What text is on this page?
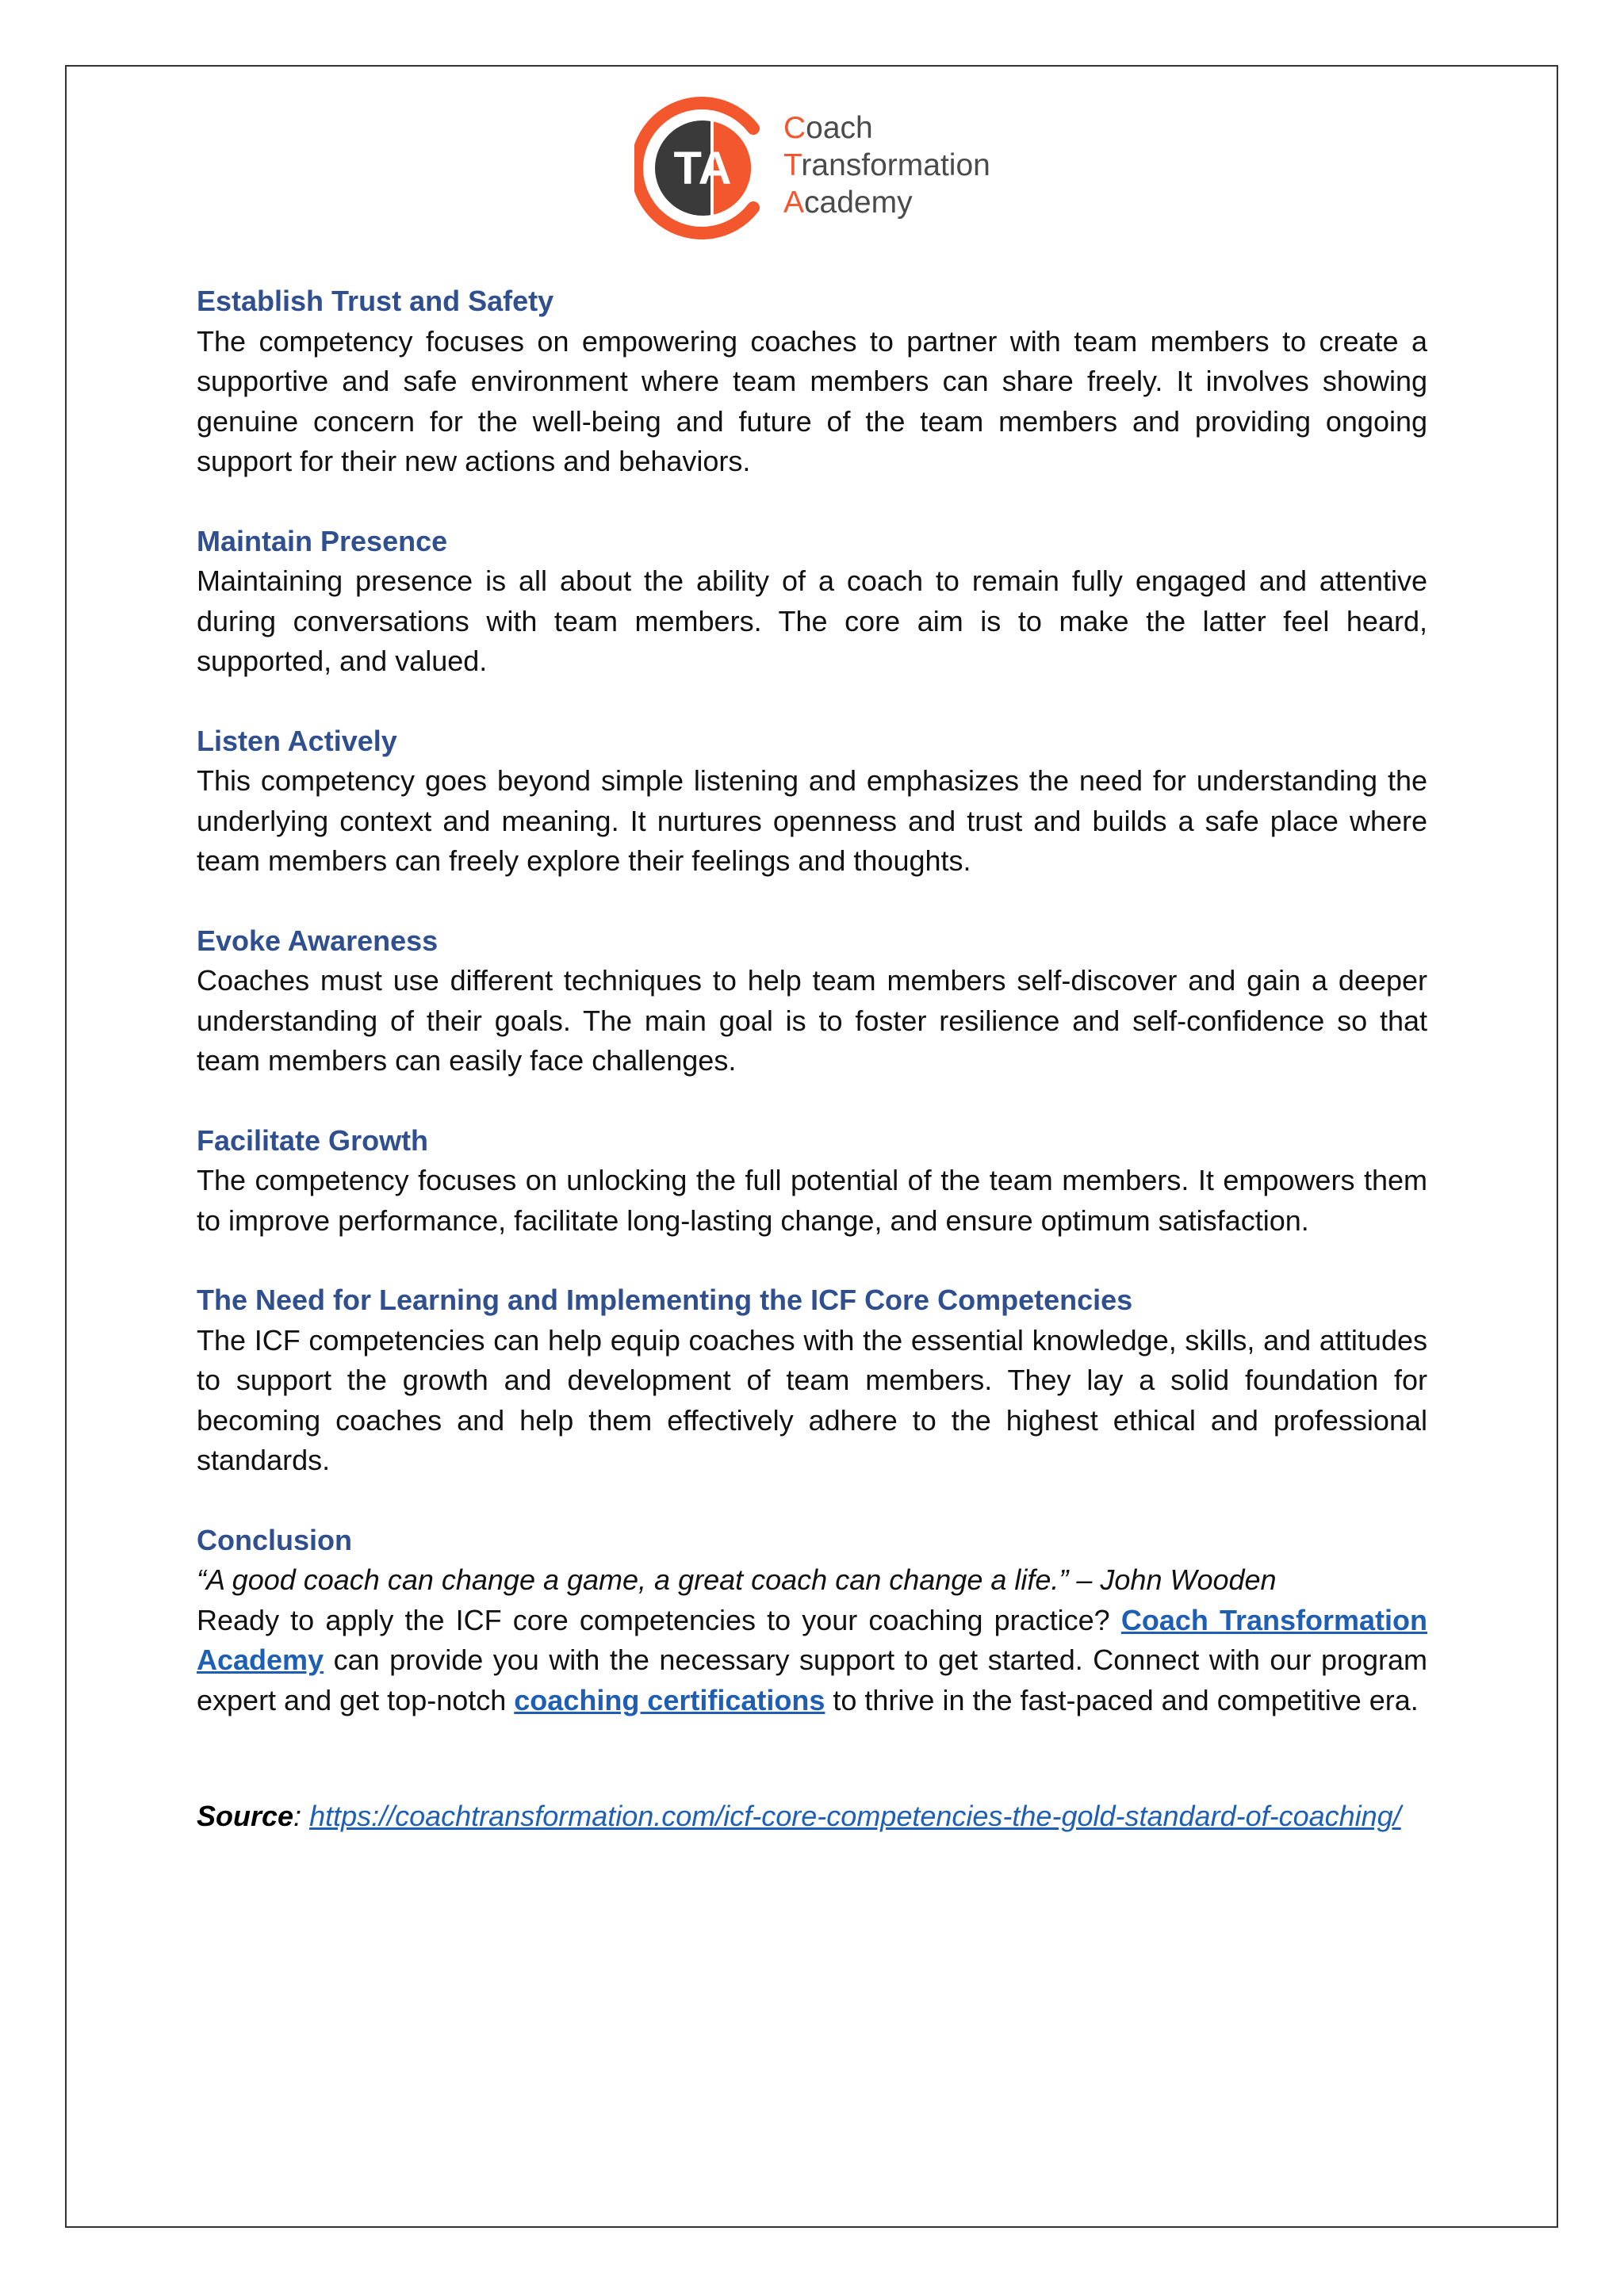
TA
Coach
Transformation
Academy
Establish Trust and Safety

The competency focuses on empowering coaches to partner with team members to create a supportive and safe environment where team members can share freely. It involves showing genuine concern for the well-being and future of the team members and providing ongoing support for their new actions and behaviors.

Maintain Presence

Maintaining presence is all about the ability of a coach to remain fully engaged and attentive during conversations with team members. The core aim is to make the latter feel heard, supported, and valued.

Listen Actively

This competency goes beyond simple listening and emphasizes the need for understanding the underlying context and meaning. It nurtures openness and trust and builds a safe place where team members can freely explore their feelings and thoughts.

Evoke Awareness

Coaches must use different techniques to help team members self-discover and gain a deeper understanding of their goals. The main goal is to foster resilience and self-confidence so that team members can easily face challenges.

Facilitate Growth

The competency focuses on unlocking the full potential of the team members. It empowers them to improve performance, facilitate long-lasting change, and ensure optimum satisfaction.

The Need for Learning and Implementing the ICF Core Competencies

The ICF competencies can help equip coaches with the essential knowledge, skills, and attitudes to support the growth and development of team members. They lay a solid foundation for becoming coaches and help them effectively adhere to the highest ethical and professional standards.

Conclusion

“A good coach can change a game, a great coach can change a life.” – John Wooden

Ready to apply the ICF core competencies to your coaching practice? Coach Transformation Academy can provide you with the necessary support to get started. Connect with our program expert and get top-notch coaching certifications to thrive in the fast-paced and competitive era.

Source: https://coachtransformation.com/icf-core-competencies-the-gold-standard-of-coaching/
